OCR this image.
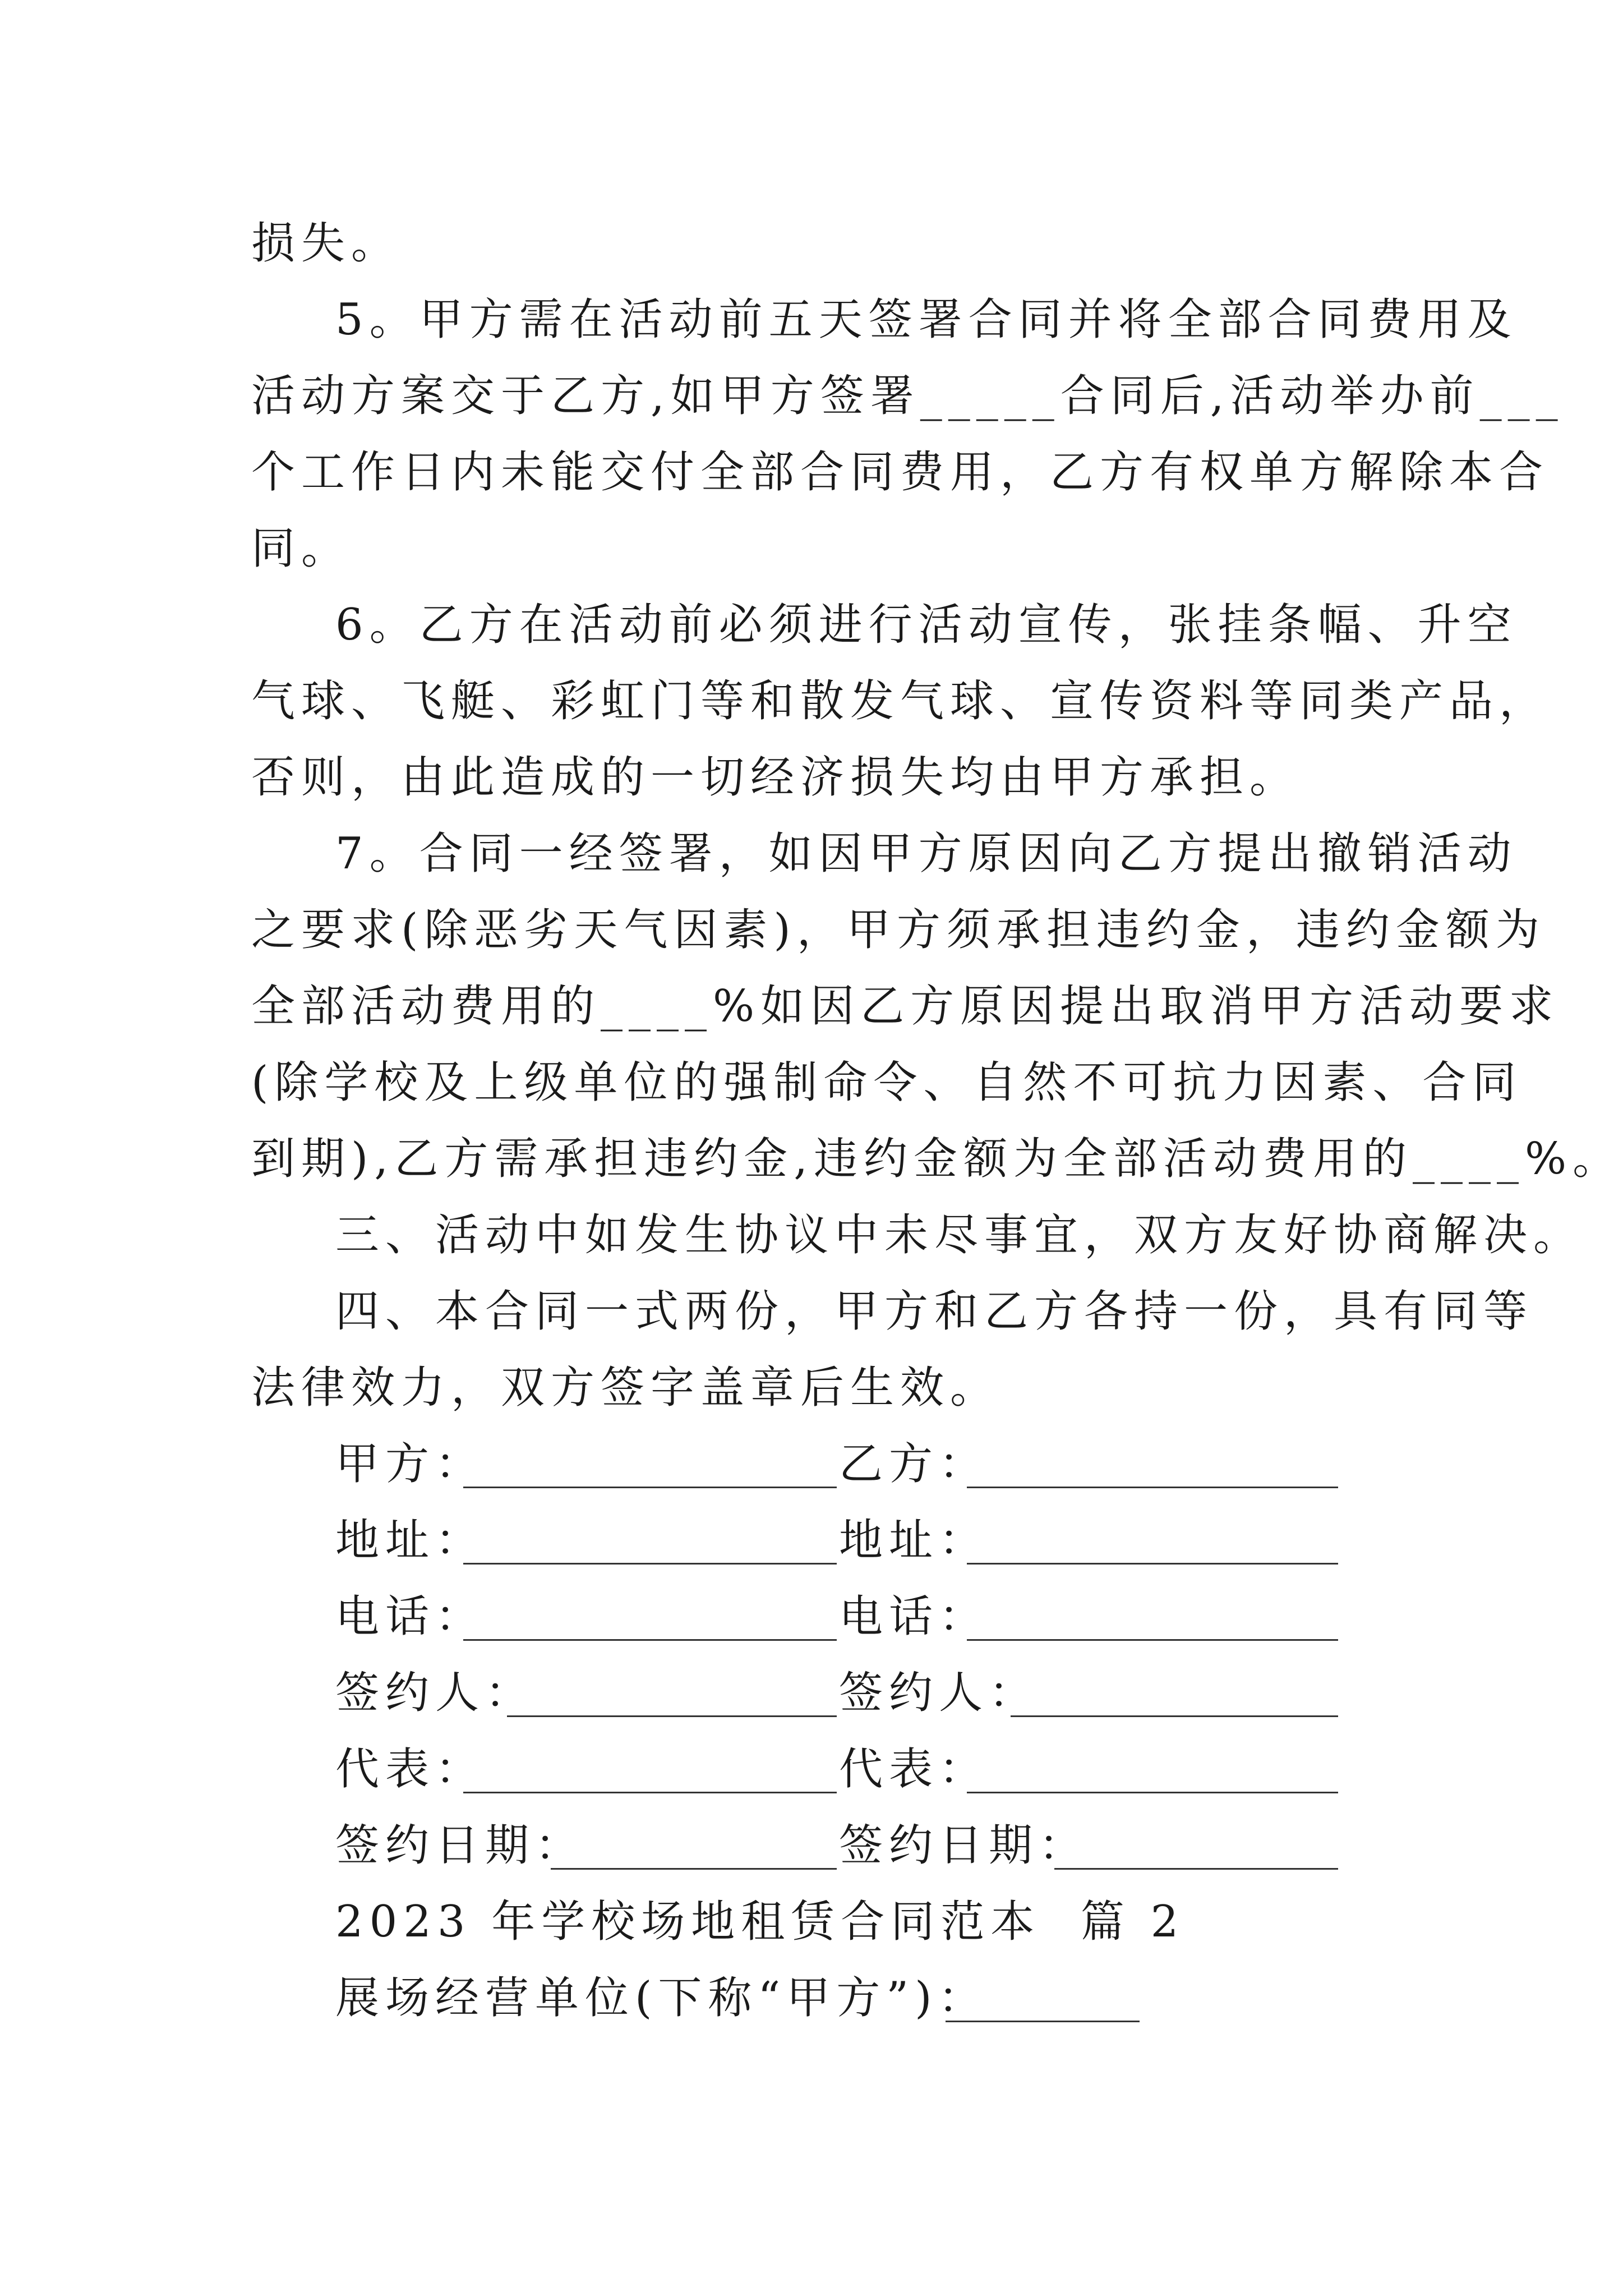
损失。
5。甲方需在活动前五天签署合同并将全部合同费用及
活动方案交于乙方,如甲方签署_____合同后,活动举办前___
个工作日内未能交付全部合同费用，乙方有权单方解除本合
同。
6。乙方在活动前必须进行活动宣传，张挂条幅、升空
气球、飞艇、彩虹门等和散发气球、宣传资料等同类产品，
否则，由此造成的一切经济损失均由甲方承担。
7。合同一经签署，如因甲方原因向乙方提出撤销活动
之要求(除恶劣天气因素)，甲方须承担违约金，违约金额为
全部活动费用的____%如因乙方原因提出取消甲方活动要求
(除学校及上级单位的强制命令、自然不可抗力因素、合同
到期),乙方需承担违约金,违约金额为全部活动费用的____%。
三、活动中如发生协议中未尽事宜，双方友好协商解决。
四、本合同一式两份，甲方和乙方各持一份，具有同等
法律效力，双方签字盖章后生效。
甲方：
地址：
电话：
签约人：
代表：
签约日期：
乙方：
地址：
电话：
签约人：
代表：
签约日期：
2023 年学校场地租赁合同范本  篇 2
展场经营单位(下称“甲方”)：
